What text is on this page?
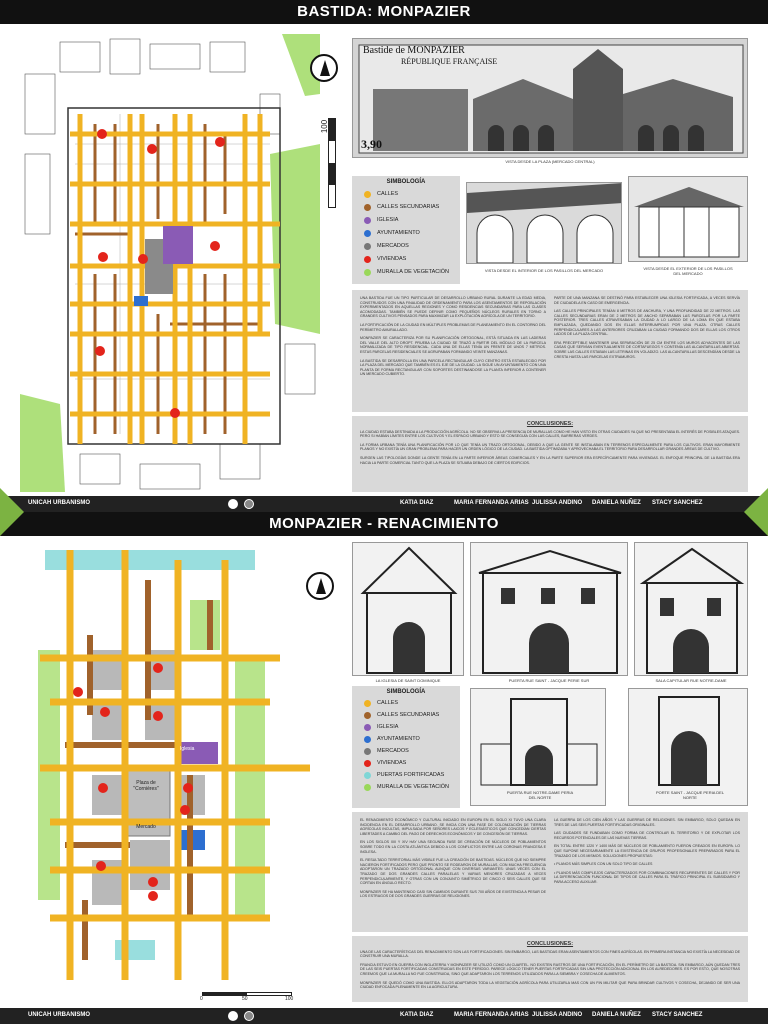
BASTIDA: MONPAZIER
100
Bastide de MONPAZIER
RÉPUBLIQUE FRANÇAISE
3,90
VISTA DESDE LA PLAZA (MERCADO CENTRAL)
SIMBOLOGÍA
CALLES
CALLES SECUNDARIAS
IGLESIA
AYUNTAMIENTO
MERCADOS
VIVIENDAS
MURALLA DE VEGETACIÓN	VISTA DESDE EL INTERIOR DE LOS PASILLOS DEL MERCADO	VISTA DESDE EL EXTERIOR DE LOS PASILLOS DEL MERCADO

UNA BASTIDA FUE UN TIPO PARTICULAR DE DESARROLLO URBANO RURAL DURANTE LA EDAD MEDIA, CONSTRUIDOS CON UNA FINALIDAD DE ORDENAMIENTO PARA LOS ASENTAMIENTOS DE REPOBLACIÓN EXPERIMENTADOS EN AQUELLAS REGIONES Y COMO RESIDENCIAS SECUNDARIAS PARA LAS CLASES ACOMODADAS. TAMBIÉN SE PUEDE DEFINIR COMO PEQUEÑOS NÚCLEOS RURALES EN TORNO A GRANDES CULTIVOS PENSADOS PARA MAXIMIZAR LA EXPLOTACIÓN AGRÍCOLA DE UN TERRITORIO.

LA FORTIFICACIÓN DE LA CIUDAD EN MÚLTIPLES PROBLEMAS DE PLANEAMIENTO EN EL CONTORNO DEL PERÍMETRO AMURALLADO.

MONPAZIER SE CARACTERIZA POR SU PLANIFICACIÓN ORTOGONAL, ESTÁ SITUADA EN LAS LADERAS DEL VALLE DEL ALTO DROPT. PRUEBA LA CIUDAD SE TRAZÓ A PARTIR DEL MÓDULO DE LA PARCELA NORMALIZADA DE TIPO RESIDENCIAL. CADA UNA DE ELLAS TENÍA UN FRENTE DE UNOS 7 METROS. ESTAS PARCELAS RESIDENCIALES SE AGRUPABAN FORMANDO VEINTE MANZANAS.

LA BASTIDA SE DESARROLLA EN UNA PARCELA RECTANGULAR CUYO CENTRO ESTÁ ESTABLECIDO POR LA PLAZA DEL MERCADO QUE TAMBIÉN ES EL EJE DE LA CIUDAD. LA SIGUE UN AYUNTAMIENTO CON UNA PLANTA DE FORMA RECTANGULAR CON SOPORTES DESTINANDOSE LA PLANTA INFERIOR A CONTENER UN MERCADO CUBIERTO.

PARTE DE UNA MANZANA SE DESTINÓ PARA ESTABLECER UNA IGLESIA FORTIFICADA, A VECES SERVÍA DE CIUDADELA EN CASO DE EMERGENCIA.

LAS CALLES PRINCIPALES TENÍAN 8 METROS DE ANCHURA, Y UNA PROFUNDIDAD DE 22 METROS. LAS CALLES SECUNDARIAS ERAN DE 2 METROS DE ANCHO SEPARABAN LAS PARCELAS POR LA PARTE POSTERIOR. TRES CALLES ATRAVESABAN LA CIUDAD A LO LARGO DE LA LOMA EN QUE ESTABA EMPLAZADA, QUEDANDO DOS EN ELLAS INTERRUMPIDAS POR UNA PLAZA. OTRAS CALLES PERPENDICULARES A LAS ANTERIORES CRUZABAN LA CIUDAD FORMANDO DOS DE ELLAS LOS OTROS LADOS DE LA PLAZA CENTRAL.

ERA PRECEPTIBLE MANTENER UNA SEPARACIÓN DE 25 CM ENTRE LOS MUROS ADYACENTES DE LAS CASAS QUE SERVÍAN EVENTUALMENTE DE CORTAFUEGOS Y CONTENÍA LAS ALCANTARILLAS ABIERTAS. SOBRE LAS CALLES ESTABAN LAS LETRINAS EN VOLADIZO. LAS ALCANTARILLAS DESCENDÍAN DESDE LA CRESTA HASTA LAS PARCELAS EXTRAMUROS.

CONCLUSIONES:

LA CIUDAD ESTABA DESTINADA A LA PRODUCCIÓN AGRÍCOLA. NO SE OBSERVA LA PRESENCIA DE MURALLAS COMO HE HAN VISTO EN OTRAS CIUDADES YA QUE NO PRESENTABA EL INTERÉS DE POSIBLES ATAQUES. PERO SI HABÍAN LÍMITES ENTRE LOS CULTIVOS Y EL ESPACIO URBANO Y ESTO SE CONSEGUÍA CON LAS CALLES, BARRERAS VERDES.

LA FORMA URBANA TENÍA UNA PLANIFICACIÓN POR LO QUE TENÍA UN TRAZO ORTOGONAL, DEBIDO A QUE LA GENTE SE INSTALABAN EN TERRENOS ESPECIALMENTE PARA LOS CULTIVOS. ERAN MAYORMENTE PLANOS Y NO EXISTÍA UN GRAN PROBLEMA PARA HACER UN ORDEN LÓGICO DE LA CIUDAD. LA BASTIDA OPTIMIZABA Y APROVECHABA EL TERRITORIO PARA DESARROLLAR GRANDES ÁREAS DE CULTIVO.

SURGEN LAS TIPOLOGÍAS DONDE LA GENTE TENÍA EN LA PARTE INFERIOR ÁREAS COMERCIALES Y EN LA PARTE SUPERIOR ERA ESPECÍFICAMENTE PARA VIVIENDAS. EL ENFOQUE PRINCIPAL DE LA BASTIDA ERA HACIA LA PARTE COMERCIAL TANTO QUE LA PLAZA SE SITUABA DEBAJO DE CIERTOS EDIFICIOS.

UNICAH URBANISMO	KATIA DIAZ	MARIA FERNANDA ARIAS JULISSA ANDINO	DANIELA NUÑEZ	STACY SANCHEZ
MONPAZIER - RENACIMIENTO
Plaza de "Cornières"
Mercado
Iglesia
0	50	100
LA IGLESIA DE SAINT DOMINIQUE	PUERTA RUE SAINT - JACQUE PERIE SUR	SALA CAPITULAR RUE NOTRE-DAME
SIMBOLOGÍA
CALLES
CALLES SECUNDARIAS
IGLESIA
AYUNTAMIENTO
MERCADOS
VIVIENDAS
PUERTAS FORTIFICADAS
MURALLA DE VEGETACIÓN
PUERTA RUE NOTRE-DAME PERIA DEL NORTE
PORTE SAINT - JACQUE PERIA DEL NORTE

EL RENACIMIENTO ECONÓMICO Y CULTURAL INICIADO EN EUROPA EN EL SIGLO XI TUVO UNA CLARA INCIDENCIA EN EL DESARROLLO URBANO. SE INICIA CON UNA FASE DE COLONIZACIÓN DE TIERRAS AGRÍCOLAS INCULTAS, IMPULSADA POR SEÑORES LAICOS Y ECLESIÁSTICOS QUE CONCEDÍAN CIERTAS LIBERTADES A CAMBIO DEL PAGO DE DERECHOS ECONÓMICOS Y DE CONCESIÓN DE TIERRAS.

EN LOS SIGLOS XIII Y XIV HAY UNA SEGUNDA FASE DE CREACIÓN DE NÚCLEOS DE POBLAMIENTOS SOBRE TODO EN LA COSTA ATLÁNTICA DEBIDO A LOS CONFLICTOS ENTRE LAS CORONAS FRANCESA E INGLESA.

EL RESULTADO TERRITORIAL MÁS VISIBLE FUE LA CREACIÓN DE BASTIDAS. NÚCLEOS QUE NO SIEMPRE NACIERON FORTIFICADOS PERO QUE PRONTO SE RODEARON DE MURALLAS, CON MUCHA FRECUENCIA ADOPTARON UN TRAZADO ORTOGONAL AUNQUE CON DIVERSAS VARIANTES: UNAS VECES CON EL TRAZADO DE DOS GRANDES CALLES PARALELAS Y VARIAS MENORES CRUZADAS A VECES PERPENDICULARMENTE, Y OTRAS CON UN CONJUNTO SIMÉTRICO DE CINCO O SEIS CALLES QUE SE CORTAN EN ÁNGULO RECTO.

MONPAZIER SE HA MANTENIDO CASI SIN CAMBIOS DURANTE SUS 700 AÑOS DE EXISTENCIA A PESAR DE LOS ESTRAGOS DE DOS GRANDES GUERRAS DE RELIGIONES.

LA GUERRA DE LOS CIEN AÑOS Y LAS GUERRAS DE RELIGIONES. SIN EMBARGO, SOLO QUEDAN EN TRES DE LAS SEIS PUERTAS FORTIFICADAS ORIGINALES.

LAS CIUDADES SE FUNDABAN COMO FORMA DE CONTROLAR EL TERRITORIO Y DE EXPLOTAR LOS RECURSOS POTENCIALES DE LAS NUEVAS TIERRAS.

EN TOTAL ENTRE 1220 Y 1400 MÁS DE NÚCLEOS DE POBLAMIENTO FUERON CREADOS EN EUROPA. LO QUE SUPONE NECESARIAMENTE LA EXISTENCIA DE GRUPOS PROFESIONALES PREPARADOS PARA EL TRAZADO DE LOS MISMOS. SOLUCIONES PROPUESTAS:

• PLANOS MÁS SIMPLES CON UN SOLO TIPO DE CALLES

• PLANOS MÁS COMPLEJOS CARACTERIZADOS POR COMBINACIONES RECURRENTES DE CALLES Y POR LA DIFERENCIACIÓN FUNCIONAL DE TIPOS DE CALLES PARA EL TRÁFICO PRINCIPAL EL SUBSIDIARIO Y PARA ACCESO AUXILIAR.

CONCLUSIONES:

UNA DE LAS CARACTERÍSTICAS DEL RENACIMIENTO SON LAS FORTIFICACIONES. SIN EMBARGO, LAS BASTIDAS ERAN ASENTAMIENTOS CON FINES AGRÍCOLAS. EN PRIMERA INSTANCIA NO EXISTÍA LA NECESIDAD DE CONSTRUIR UNA MURALLA.

FRANCIA ESTUVO EN GUERRA CON INGLATERRA Y MONPAZIER SE UTILIZÓ COMO UN CUARTEL. NO EXISTEN RASTROS DE UNA FORTIFICACIÓN, EN EL PERÍMETRO DE LA BASTIDA. SIN EMBARGO, AÚN QUEDAN TRES DE LAS SEIS PUERTAS FORTIFICADAS CONSTRUIDAS EN ESTE PERÍODO. PARECE LÓGICO TENER PUERTAS FORTIFICADAS SIN UNA PROTECCIÓN ADICIONAL EN LOS ALREDEDORES. ES POR ESTO, QUE NOSOTRAS CREEMOS QUE LA MURALLA NO FUE CONSTRUIDA, SINO QUE ADAPTARON LOS TERRENOS UTILIZADOS PARA LA SIEMBRA Y COSECHA DE ALIMENTOS.

MONPAZIER SE QUEDÓ COMO UNA BASTIDA. ELLOS ADAPTARON TODA LA VEGETACIÓN AGRÍCOLA PARA UTILIZARLA MAS CON UN FIN MILITAR QUE PARA BRINDAR CULTIVOS Y COSECHA, DEJANDO DE SER UNA CIUDAD ENFOCADA PLENAMENTE EN LA AGRICULTURA.

UNICAH URBANISMO	KATIA DIAZ	MARIA FERNANDA ARIAS JULISSA ANDINO	DANIELA NUÑEZ	STACY SANCHEZ
